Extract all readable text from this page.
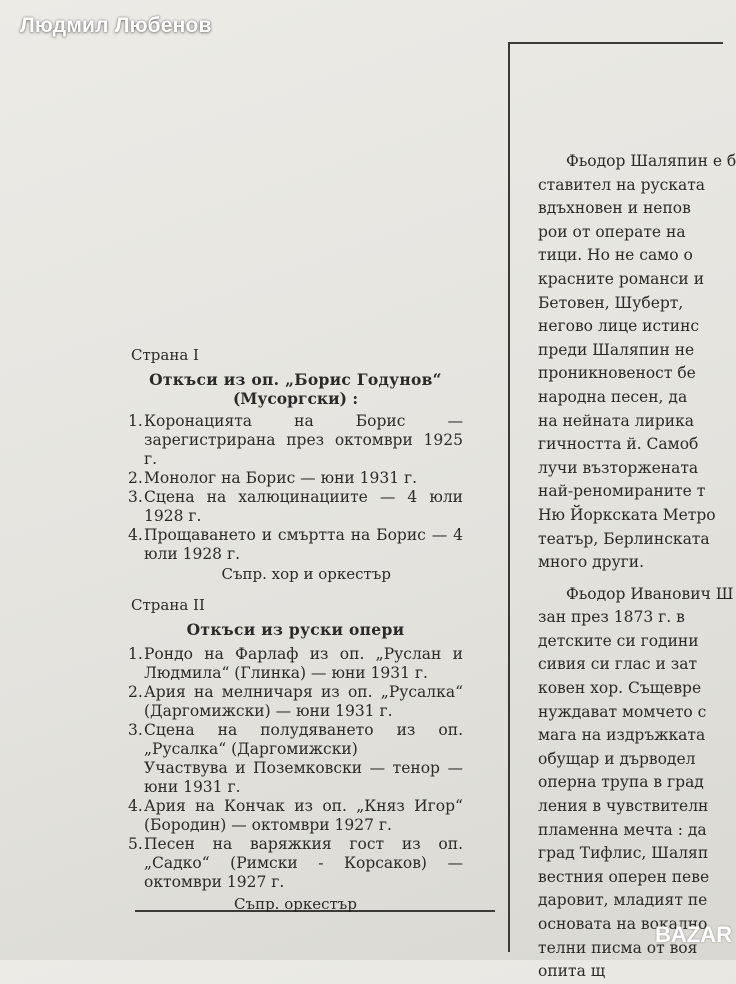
Людмил Любенов
Страна I
Откъси из оп. „Борис Годунов“
(Мусоргски) :
1. Коронацията на Борис — зарегистрирана през октомври 1925 г.
2. Монолог на Борис — юни 1931 г.
3. Сцена на халюцинациите — 4 юли 1928 г.
4. Прощаването и смъртта на Борис — 4 юли 1928 г.
Съпр. хор и оркестър
Страна II
Откъси из руски опери
1. Рондо на Фарлаф из оп. „Руслан и Людмила“ (Глинка) — юни 1931 г.
2. Ария на мелничаря из оп. „Русалка“ (Даргомижски) — юни 1931 г.
3. Сцена на полудяването из оп. „Русалка“ (Даргомижски)
Участвува и Поземковски — тенор — юни 1931 г.
4. Ария на Кончак из оп. „Княз Игор“ (Бородин) — октомври 1927 г.
5. Песен на варяжкия гост из оп. „Садко“ (Римски - Корсаков) — октомври 1927 г.
Съпр. оркестър
Фьодор Шаляпин е б
ставител на руската
вдъхновен и непов
рои от операте на
тици. Но не само о
красните романси и
Бетовен, Шуберт,
негово лице истинс
преди Шаляпин не
проникновеност бе
народна песен, да
на нейната лирика
гичността й. Самоб
лучи възторжената
най-реномираните т
Ню Йоркската Метро
театър, Берлинската
много други.
Фьодор Иванович Ш
зан през 1873 г. в
детските си години
сивия си глас и зат
ковен хор. Същевре
нуждават момчето с
мага на издръжката
обущар и дърводел
оперна трупа в град
ления в чувствителн
пламенна мечта : да
град Тифлис, Шаляп
вестния оперен певе
даровит, младият пе
основата на вокално
телни писма от воя
опита щ
BAZAR
